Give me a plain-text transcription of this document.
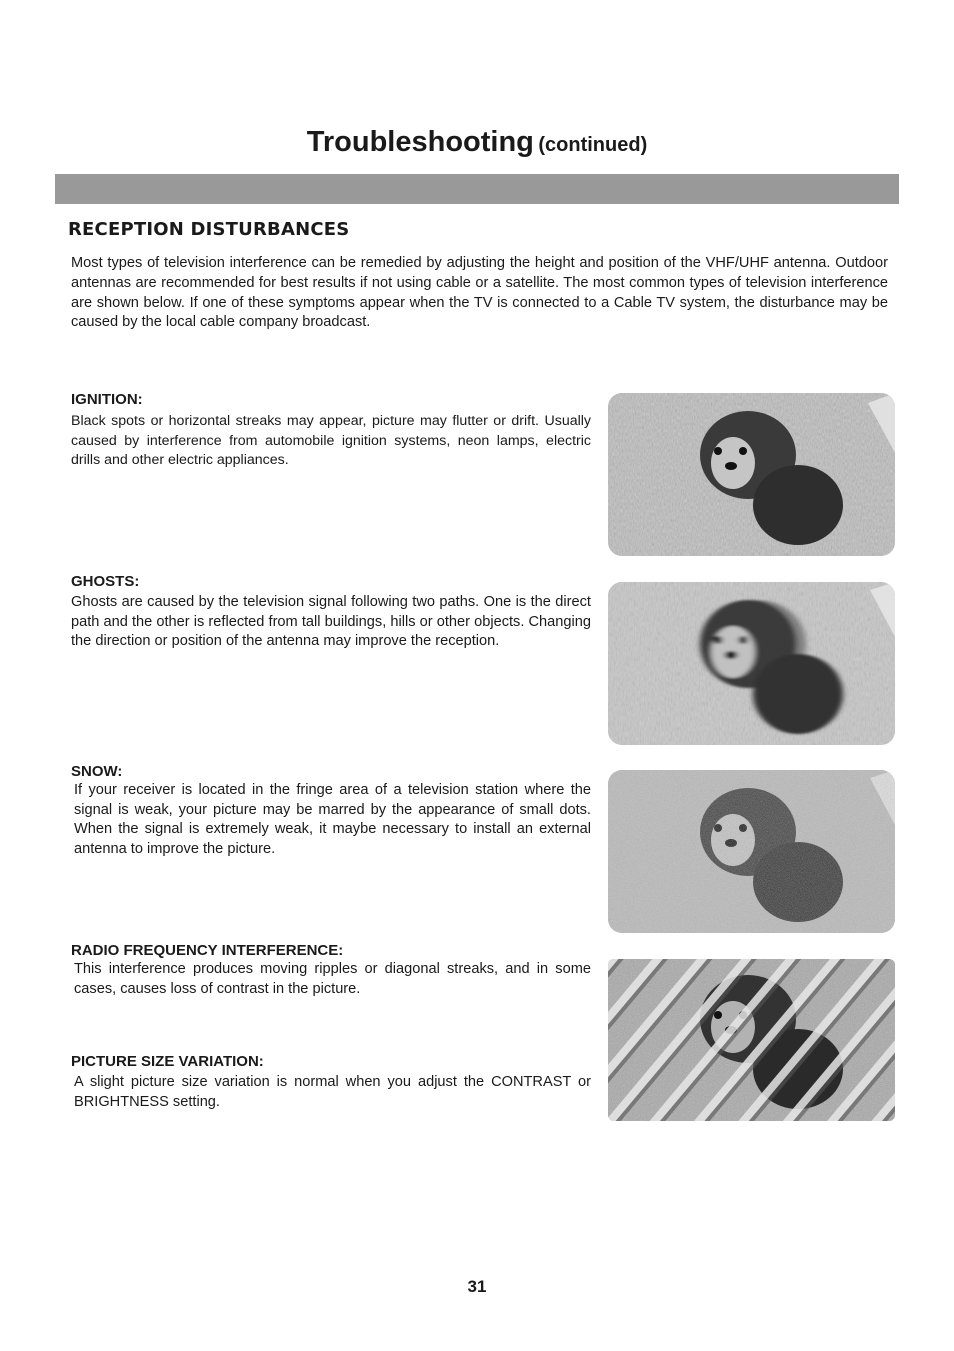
Troubleshooting (continued)
RECEPTION DISTURBANCES

Most types of television interference can be remedied by adjusting the height and position of the VHF/UHF antenna. Outdoor antennas are recommended for best results if not using cable or a satellite. The most common types of television interference are shown below. If one of these symptoms appear when the TV is connected to a Cable TV system, the disturbance may be caused by the local cable company broadcast.

IGNITION:

Black spots or horizontal streaks may appear, picture may flutter or drift. Usually caused by interference from automobile ignition systems, neon lamps, electric drills and other electric appliances.

GHOSTS:

Ghosts are caused by the television signal following two paths. One is the direct path and the other is reflected from tall buildings, hills or other objects. Changing the direction or position of the antenna may improve the reception.

SNOW:

If your receiver is located in the fringe area of a television station where the signal is weak, your picture may be marred by the appearance of small dots. When the signal is extremely weak, it maybe necessary to install an external antenna to improve the picture.

RADIO FREQUENCY INTERFERENCE:

This interference produces moving ripples or diagonal streaks, and in some cases, causes loss of contrast in the picture.

PICTURE SIZE VARIATION:

A slight picture size variation is normal when you adjust the CONTRAST or BRIGHTNESS setting.

31
